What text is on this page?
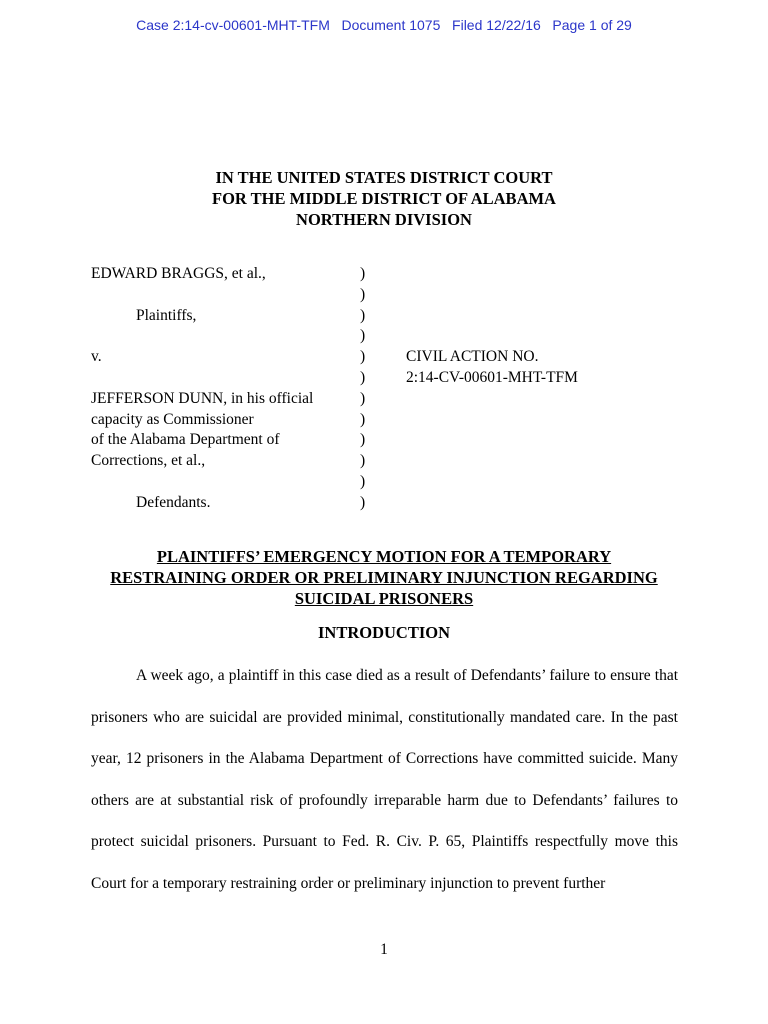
Case 2:14-cv-00601-MHT-TFM   Document 1075   Filed 12/22/16   Page 1 of 29
IN THE UNITED STATES DISTRICT COURT
FOR THE MIDDLE DISTRICT OF ALABAMA
NORTHERN DIVISION
EDWARD BRAGGS, et al.,
Plaintiffs,
v.
JEFFERSON DUNN, in his official
capacity as Commissioner
of the Alabama Department of
Corrections, et al.,
Defendants.
)
)
)
)
)
)
)
)
)
)
)
)
CIVIL ACTION NO.
2:14-CV-00601-MHT-TFM
PLAINTIFFS’ EMERGENCY MOTION FOR A TEMPORARY
RESTRAINING ORDER OR PRELIMINARY INJUNCTION REGARDING
SUICIDAL PRISONERS
INTRODUCTION

A week ago, a plaintiff in this case died as a result of Defendants’ failure to ensure that prisoners who are suicidal are provided minimal, constitutionally mandated care. In the past year, 12 prisoners in the Alabama Department of Corrections have committed suicide. Many others are at substantial risk of profoundly irreparable harm due to Defendants’ failures to protect suicidal prisoners. Pursuant to Fed. R. Civ. P. 65, Plaintiffs respectfully move this Court for a temporary restraining order or preliminary injunction to prevent further

1
